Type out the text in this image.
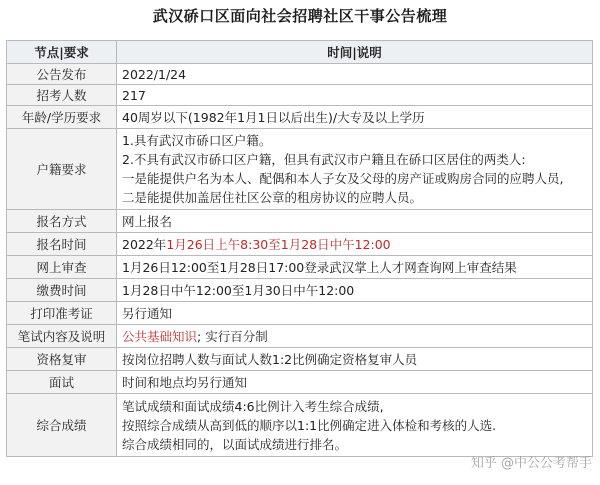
武汉硚口区面向社会招聘社区干事公告梳理
节点|要求	时间|说明
公告发布	2022/1/24
招考人数	217
年龄/学历要求	40周岁以下(1982年1月1日以后出生)/大专及以上学历
户籍要求	1.具有武汉市硚口区户籍。
2.不具有武汉市硚口区户籍，但具有武汉市户籍且在硚口区居住的两类人:
一是能提供户名为本人、配偶和本人子女及父母的房产证或购房合同的应聘人员,
二是能提供加盖居住社区公章的租房协议的应聘人员。

报名方式	网上报名
报名时间	2022年1月26日上午8:30至1月28日中午12:00
网上审查	1月26日12:00至1月28日17:00登录武汉掌上人才网查询网上审查结果
缴费时间	1月28日中午12:00至1月30日中午12:00
打印准考证	另行通知
笔试内容及说明	公共基础知识; 实行百分制
资格复审	按岗位招聘人数与面试人数1:2比例确定资格复审人员
面试	时间和地点均另行通知
综合成绩	笔试成绩和面试成绩4:6比例计入考生综合成绩,
按照综合成绩从高到低的顺序以1:1比例确定进入体检和考核的人选.
综合成绩相同的，以面试成绩进行排名。
知乎 @中公公考帮手
